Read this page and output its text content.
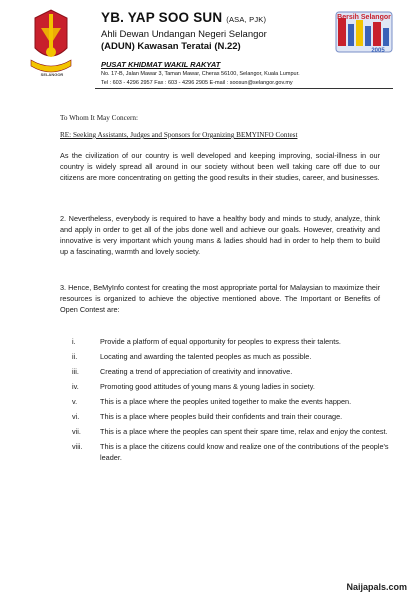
SELANGOR
Bersih Selangor
2005
YB. YAP SOO SUN (ASA, PJK)
Ahli Dewan Undangan Negeri Selangor
(ADUN) Kawasan Teratai (N.22)
PUSAT KHIDMAT WAKIL RAKYAT
No. 17-B, Jalan Mawar 3, Taman Mawar, Cheras 56100, Selangor, Kuala Lumpur.
Tel : 603 - 4296 2957 Fax : 603 - 4296 2905 E-mail : soosun@selangor.gov.my
To Whom It May Concern:
RE: Seeking Assistants, Judges and Sponsors for Organizing BEMYINFO Contest

As the civilization of our country is well developed and keeping improving, social-illness in our country is widely spread all around in our society without been well taking care off due to our citizens are more concentrating on getting the good results in their studies, career, and businesses.

2. Nevertheless, everybody is required to have a healthy body and minds to study, analyze, think and apply in order to get all of the jobs done well and achieve our goals. However, creativity and innovative is very important which young mans & ladies should had in order to help them to build up a fascinating, warmth and lovely society.

3. Hence, BeMyInfo contest for creating the most appropriate portal for Malaysian to maximize their resources is organized to achieve the objective mentioned above. The Important or Benefits of Open Contest are:

i.	Provide a platform of equal opportunity for peoples to express their talents.
ii.	Locating and awarding the talented peoples as much as possible.
iii.	Creating a trend of appreciation of creativity and innovative.
iv.	Promoting good attitudes of young mans & young ladies in society.
v.	This is a place where the peoples united together to make the events happen.
vi.	This is a place where peoples build their confidents and train their courage.
vii.	This is a place where the peoples can spent their spare time, relax and enjoy the contest.
viii. This is a place the citizens could know and realize one of the contributions of the people's leader.
Naijapals.com
